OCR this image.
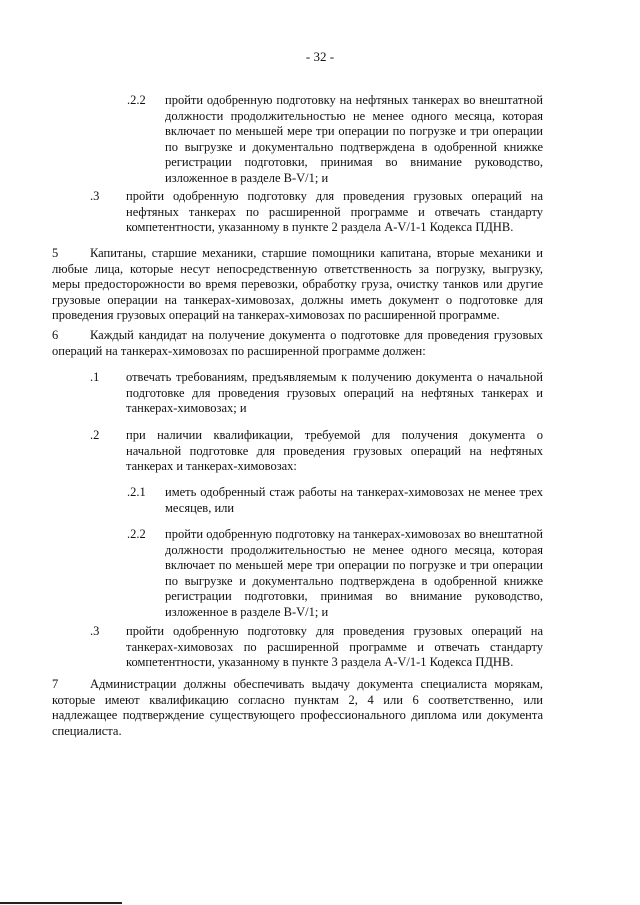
- 32 -
.2.2 пройти одобренную подготовку на нефтяных танкерах во внештатной должности продолжительностью не менее одного месяца, которая включает по меньшей мере три операции по погрузке и три операции по выгрузке и документально подтверждена в одобренной книжке регистрации подготовки, принимая во внимание руководство, изложенное в разделе B-V/1; и

.3 пройти одобренную подготовку для проведения грузовых операций на нефтяных танкерах по расширенной программе и отвечать стандарту компетентности, указанному в пункте 2 раздела A-V/1-1 Кодекса ПДНВ.

5	Капитаны, старшие механики, старшие помощники капитана, вторые механики и любые лица, которые несут непосредственную ответственность за погрузку, выгрузку, меры предосторожности во время перевозки, обработку груза, очистку танков или другие грузовые операции на танкерах-химовозах, должны иметь документ о подготовке для проведения грузовых операций на танкерах-химовозах по расширенной программе.

6	Каждый кандидат на получение документа о подготовке для проведения грузовых операций на танкерах-химовозах по расширенной программе должен:

.1 отвечать требованиям, предъявляемым к получению документа о начальной подготовке для проведения грузовых операций на нефтяных танкерах и танкерах-химовозах; и

.2 при наличии квалификации, требуемой для получения документа о начальной подготовке для проведения грузовых операций на нефтяных танкерах и танкерах-химовозах:

.2.1 иметь одобренный стаж работы на танкерах-химовозах не менее трех месяцев, или

.2.2 пройти одобренную подготовку на танкерах-химовозах во внештатной должности продолжительностью не менее одного месяца, которая включает по меньшей мере три операции по погрузке и три операции по выгрузке и документально подтверждена в одобренной книжке регистрации подготовки, принимая во внимание руководство, изложенное в разделе B-V/1; и

.3 пройти одобренную подготовку для проведения грузовых операций на танкерах-химовозах по расширенной программе и отвечать стандарту компетентности, указанному в пункте 3 раздела A-V/1-1 Кодекса ПДНВ.

7	Администрации должны обеспечивать выдачу документа специалиста морякам, которые имеют квалификацию согласно пунктам 2, 4 или 6 соответственно, или надлежащее подтверждение существующего профессионального диплома или документа специалиста.
